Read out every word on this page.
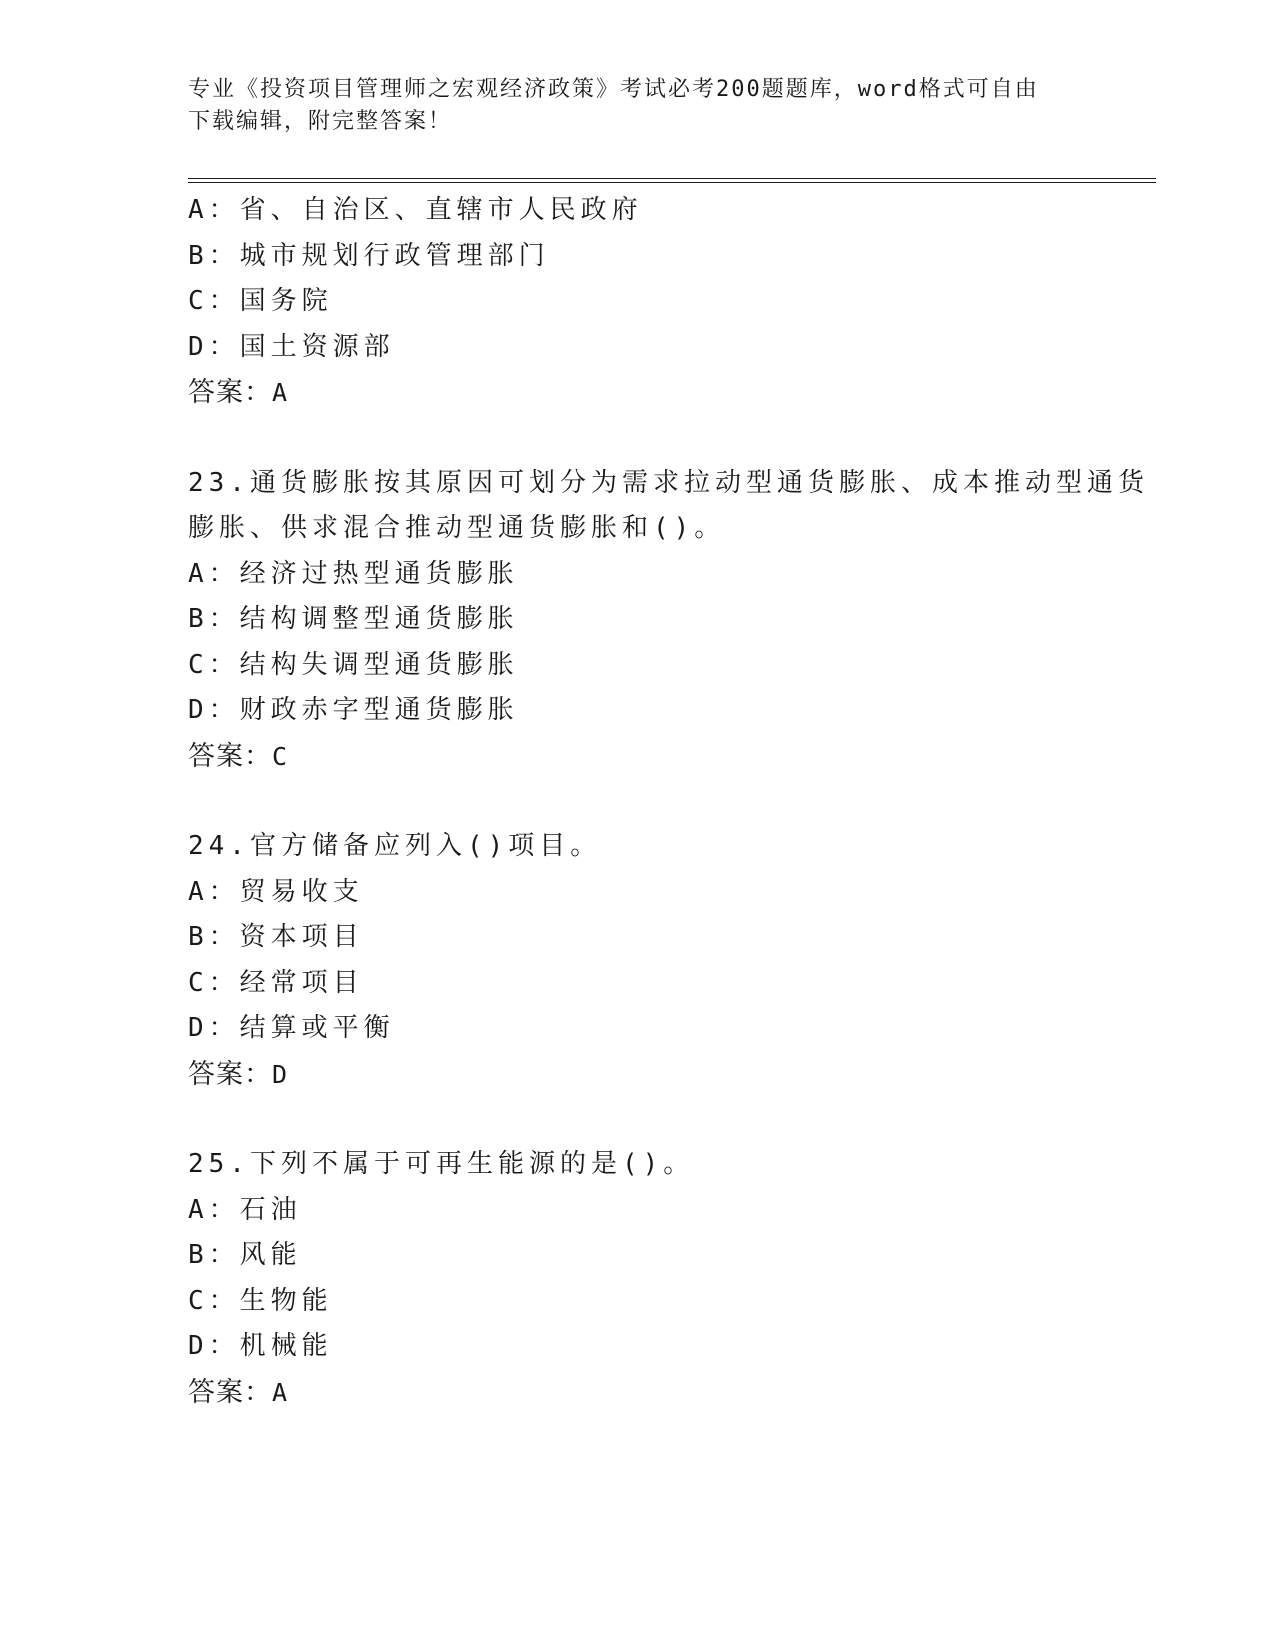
专业《投资项目管理师之宏观经济政策》考试必考200题题库，word格式可自由
下载编辑，附完整答案！
A：省、自治区、直辖市人民政府
B：城市规划行政管理部门
C：国务院
D：国土资源部
答案：A
23.通货膨胀按其原因可划分为需求拉动型通货膨胀、成本推动型通货
膨胀、供求混合推动型通货膨胀和()。
A：经济过热型通货膨胀
B：结构调整型通货膨胀
C：结构失调型通货膨胀
D：财政赤字型通货膨胀
答案：C
24.官方储备应列入()项目。
A：贸易收支
B：资本项目
C：经常项目
D：结算或平衡
答案：D
25.下列不属于可再生能源的是()。
A：石油
B：风能
C：生物能
D：机械能
答案：A
